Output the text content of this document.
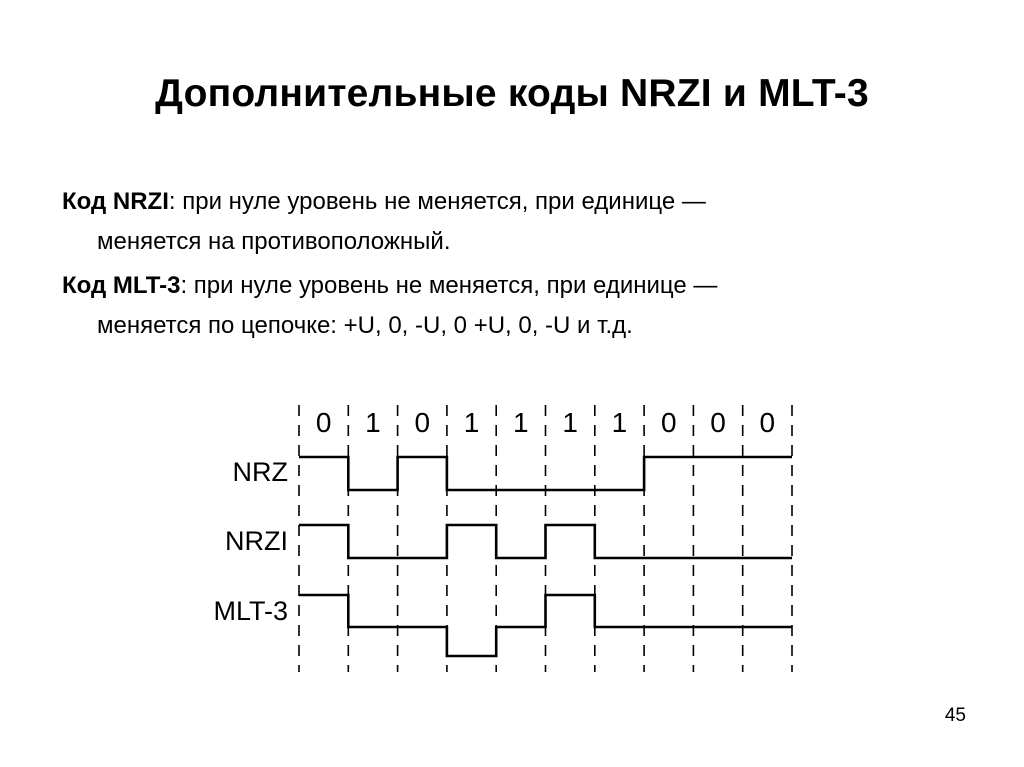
Дополнительные коды NRZI и MLT-3

Код NRZI: при нуле уровень не меняется, при единице —
меняется на противоположный.

Код MLT-3: при нуле уровень не меняется, при единице —
меняется по цепочке: +U, 0, -U, 0 +U, 0, -U и т.д.

0 1 0 1 1 1 1 0 0 0
NRZ
NRZI
MLT-3
45
